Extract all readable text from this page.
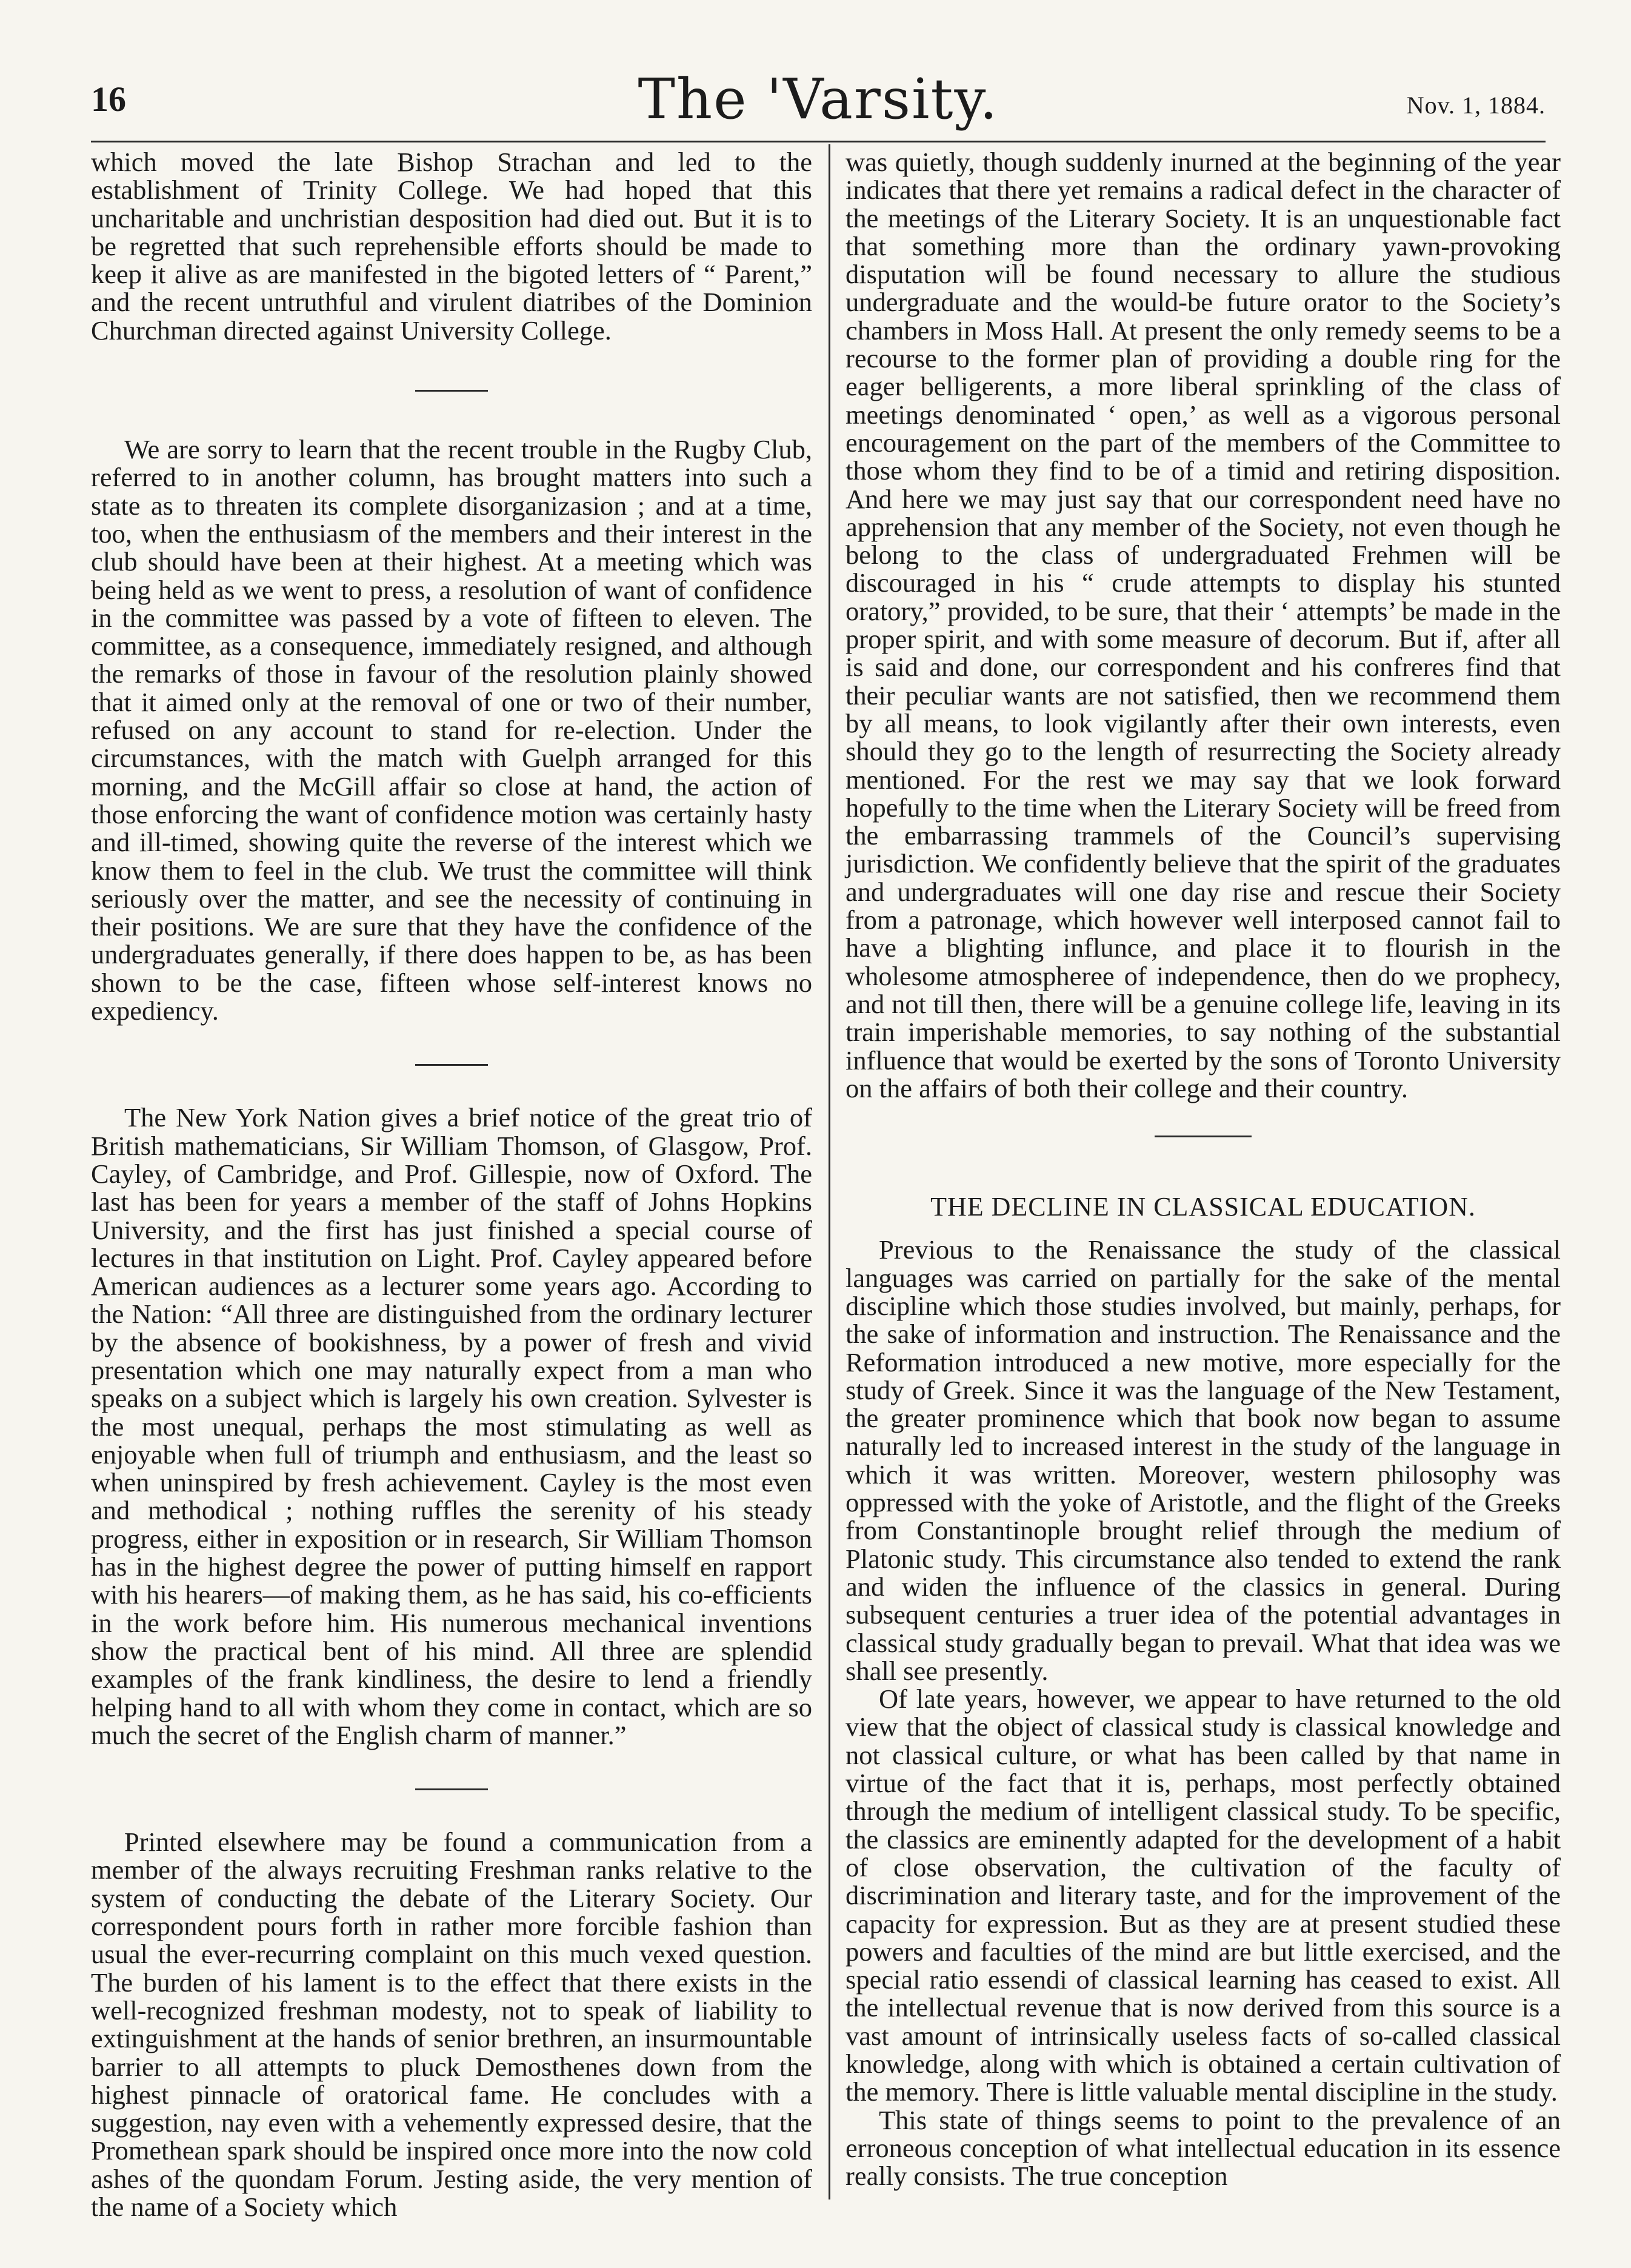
16	The 'Varsity.	Nov. 1, 1884.

which moved the late Bishop Strachan and led to the establishment of Trinity College. We had hoped that this uncharitable and unchristian desposition had died out. But it is to be regretted that such reprehensible efforts should be made to keep it alive as are manifested in the bigoted letters of “ Parent,” and the recent untruthful and virulent diatribes of the Dominion Churchman directed against University College.

We are sorry to learn that the recent trouble in the Rugby Club, referred to in another column, has brought matters into such a state as to threaten its complete disorganizasion ; and at a time, too, when the enthusiasm of the members and their interest in the club should have been at their highest. At a meeting which was being held as we went to press, a resolution of want of confidence in the committee was passed by a vote of fifteen to eleven. The committee, as a consequence, immediately resigned, and although the remarks of those in favour of the resolution plainly showed that it aimed only at the removal of one or two of their number, refused on any account to stand for re-election. Under the circumstances, with the match with Guelph arranged for this morning, and the McGill affair so close at hand, the action of those enforcing the want of confidence motion was certainly hasty and ill-timed, showing quite the reverse of the interest which we know them to feel in the club. We trust the committee will think seriously over the matter, and see the necessity of continuing in their positions. We are sure that they have the confidence of the undergraduates generally, if there does happen to be, as has been shown to be the case, fifteen whose self-interest knows no expediency.

The New York Nation gives a brief notice of the great trio of British mathematicians, Sir William Thomson, of Glasgow, Prof. Cayley, of Cambridge, and Prof. Gillespie, now of Oxford. The last has been for years a member of the staff of Johns Hopkins University, and the first has just finished a special course of lectures in that institution on Light. Prof. Cayley appeared before American audiences as a lecturer some years ago. According to the Nation: “All three are distinguished from the ordinary lecturer by the absence of bookishness, by a power of fresh and vivid presentation which one may naturally expect from a man who speaks on a subject which is largely his own creation. Sylvester is the most unequal, perhaps the most stimulating as well as enjoyable when full of triumph and enthusiasm, and the least so when uninspired by fresh achievement. Cayley is the most even and methodical ; nothing ruffles the serenity of his steady progress, either in exposition or in research, Sir William Thomson has in the highest degree the power of putting himself en rapport with his hearers—of making them, as he has said, his co-efficients in the work before him. His numerous mechanical inventions show the practical bent of his mind. All three are splendid examples of the frank kindliness, the desire to lend a friendly helping hand to all with whom they come in contact, which are so much the secret of the English charm of manner.”

Printed elsewhere may be found a communication from a member of the always recruiting Freshman ranks relative to the system of conducting the debate of the Literary Society. Our correspondent pours forth in rather more forcible fashion than usual the ever-recurring complaint on this much vexed question. The burden of his lament is to the effect that there exists in the well-recognized freshman modesty, not to speak of liability to extinguishment at the hands of senior brethren, an insurmountable barrier to all attempts to pluck Demosthenes down from the highest pinnacle of oratorical fame. He concludes with a suggestion, nay even with a vehemently expressed desire, that the Promethean spark should be inspired once more into the now cold ashes of the quondam Forum. Jesting aside, the very mention of the name of a Society which

was quietly, though suddenly inurned at the beginning of the year indicates that there yet remains a radical defect in the character of the meetings of the Literary Society. It is an unquestionable fact that something more than the ordinary yawn-provoking disputation will be found necessary to allure the studious undergraduate and the would-be future orator to the Society’s chambers in Moss Hall. At present the only remedy seems to be a recourse to the former plan of providing a double ring for the eager belligerents, a more liberal sprinkling of the class of meetings denominated ‘ open,’ as well as a vigorous personal encouragement on the part of the members of the Committee to those whom they find to be of a timid and retiring disposition. And here we may just say that our correspondent need have no apprehension that any member of the Society, not even though he belong to the class of undergraduated Frehmen will be discouraged in his “ crude attempts to display his stunted oratory,” provided, to be sure, that their ‘ attempts’ be made in the proper spirit, and with some measure of decorum. But if, after all is said and done, our correspondent and his confreres find that their peculiar wants are not satisfied, then we recommend them by all means, to look vigilantly after their own interests, even should they go to the length of resurrecting the Society already mentioned. For the rest we may say that we look forward hopefully to the time when the Literary Society will be freed from the embarrassing trammels of the Council’s supervising jurisdiction. We confidently believe that the spirit of the graduates and undergraduates will one day rise and rescue their Society from a patronage, which however well interposed cannot fail to have a blighting influnce, and place it to flourish in the wholesome atmospheree of independence, then do we prophecy, and not till then, there will be a genuine college life, leaving in its train imperishable memories, to say nothing of the substantial influence that would be exerted by the sons of Toronto University on the affairs of both their college and their country.

THE DECLINE IN CLASSICAL EDUCATION.

Previous to the Renaissance the study of the classical languages was carried on partially for the sake of the mental discipline which those studies involved, but mainly, perhaps, for the sake of information and instruction. The Renaissance and the Reformation introduced a new motive, more especially for the study of Greek. Since it was the language of the New Testament, the greater prominence which that book now began to assume naturally led to increased interest in the study of the language in which it was written. Moreover, western philosophy was oppressed with the yoke of Aristotle, and the flight of the Greeks from Constantinople brought relief through the medium of Platonic study. This circumstance also tended to extend the rank and widen the influence of the classics in general. During subsequent centuries a truer idea of the potential advantages in classical study gradually began to prevail. What that idea was we shall see presently.

Of late years, however, we appear to have returned to the old view that the object of classical study is classical knowledge and not classical culture, or what has been called by that name in virtue of the fact that it is, perhaps, most perfectly obtained through the medium of intelligent classical study. To be specific, the classics are eminently adapted for the development of a habit of close observation, the cultivation of the faculty of discrimination and literary taste, and for the improvement of the capacity for expression. But as they are at present studied these powers and faculties of the mind are but little exercised, and the special ratio essendi of classical learning has ceased to exist. All the intellectual revenue that is now derived from this source is a vast amount of intrinsically useless facts of so-called classical knowledge, along with which is obtained a certain cultivation of the memory. There is little valuable mental discipline in the study.

This state of things seems to point to the prevalence of an erroneous conception of what intellectual education in its essence really consists. The true conception
